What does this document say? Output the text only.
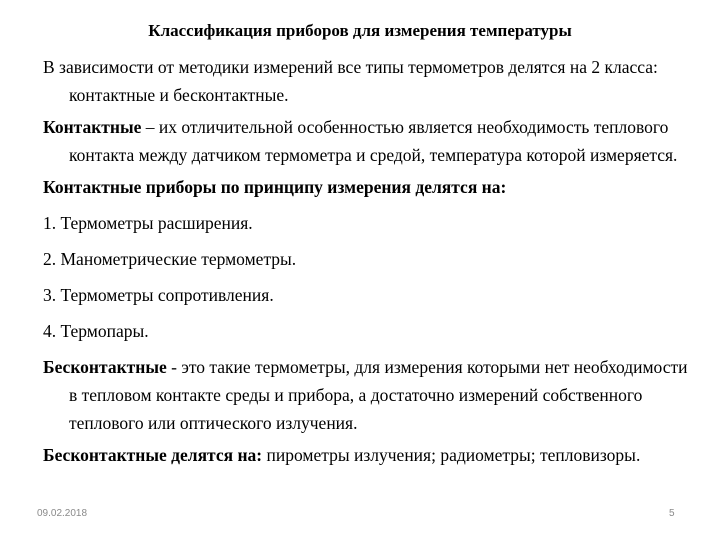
Классификация приборов для измерения температуры

В зависимости от методики измерений все типы термометров делятся на 2 класса: контактные и бесконтактные.

Контактные – их отличительной особенностью является необходимость теплового контакта между датчиком термометра и средой, температура которой измеряется.

Контактные приборы по принципу измерения делятся на:

1. Термометры расширения.

2. Манометрические термометры.

3. Термометры сопротивления.

4. Термопары.

Бесконтактные - это такие термометры, для измерения которыми нет необходимости в тепловом контакте среды и прибора, а достаточно измерений собственного теплового или оптического излучения.

Бесконтактные делятся на: пирометры излучения; радиометры; тепловизоры.

09.02.2018	5
